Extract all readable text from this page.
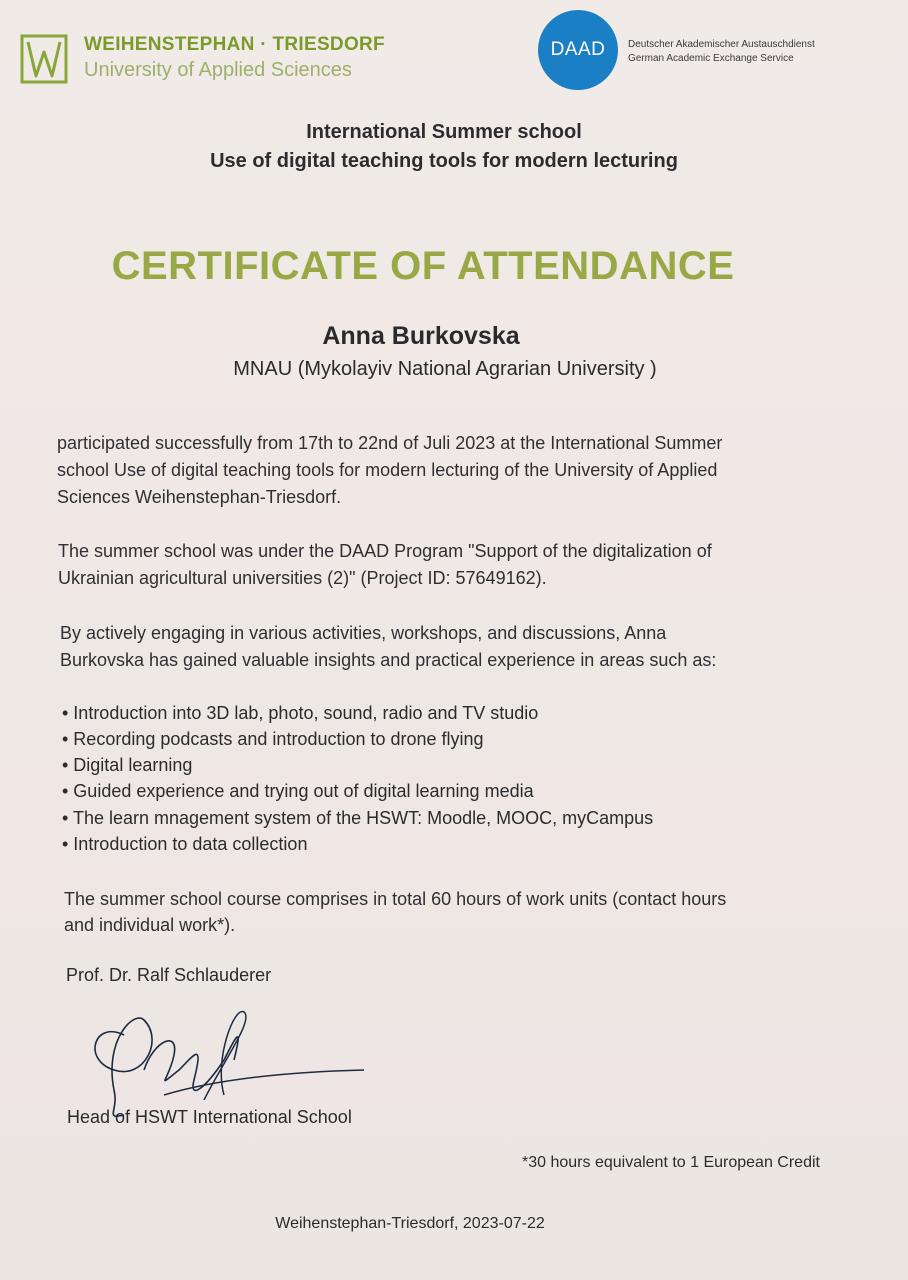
WEIHENSTEPHAN · TRIESDORF
University of Applied Sciences
DAAD Deutscher Akademischer Austauschdienst
German Academic Exchange Service
International Summer school
Use of digital teaching tools for modern lecturing
CERTIFICATE OF ATTENDANCE
Anna Burkovska
MNAU (Mykolayiv National Agrarian University )
participated successfully from 17th to 22nd of Juli 2023 at the International Summer
school Use of digital teaching tools for modern lecturing of the University of Applied
Sciences Weihenstephan-Triesdorf.
The summer school was under the DAAD Program "Support of the digitalization of
Ukrainian agricultural universities (2)" (Project ID: 57649162).
By actively engaging in various activities, workshops, and discussions, Anna
Burkovska has gained valuable insights and practical experience in areas such as:
• Introduction into 3D lab, photo, sound, radio and TV studio
• Recording podcasts and introduction to drone flying
• Digital learning
• Guided experience and trying out of digital learning media
• The learn mnagement system of the HSWT: Moodle, MOOC, myCampus
• Introduction to data collection
The summer school course comprises in total 60 hours of work units (contact hours
and individual work*).
Prof. Dr. Ralf Schlauderer
Head of HSWT International School
*30 hours equivalent to 1 European Credit
Weihenstephan-Triesdorf, 2023-07-22
